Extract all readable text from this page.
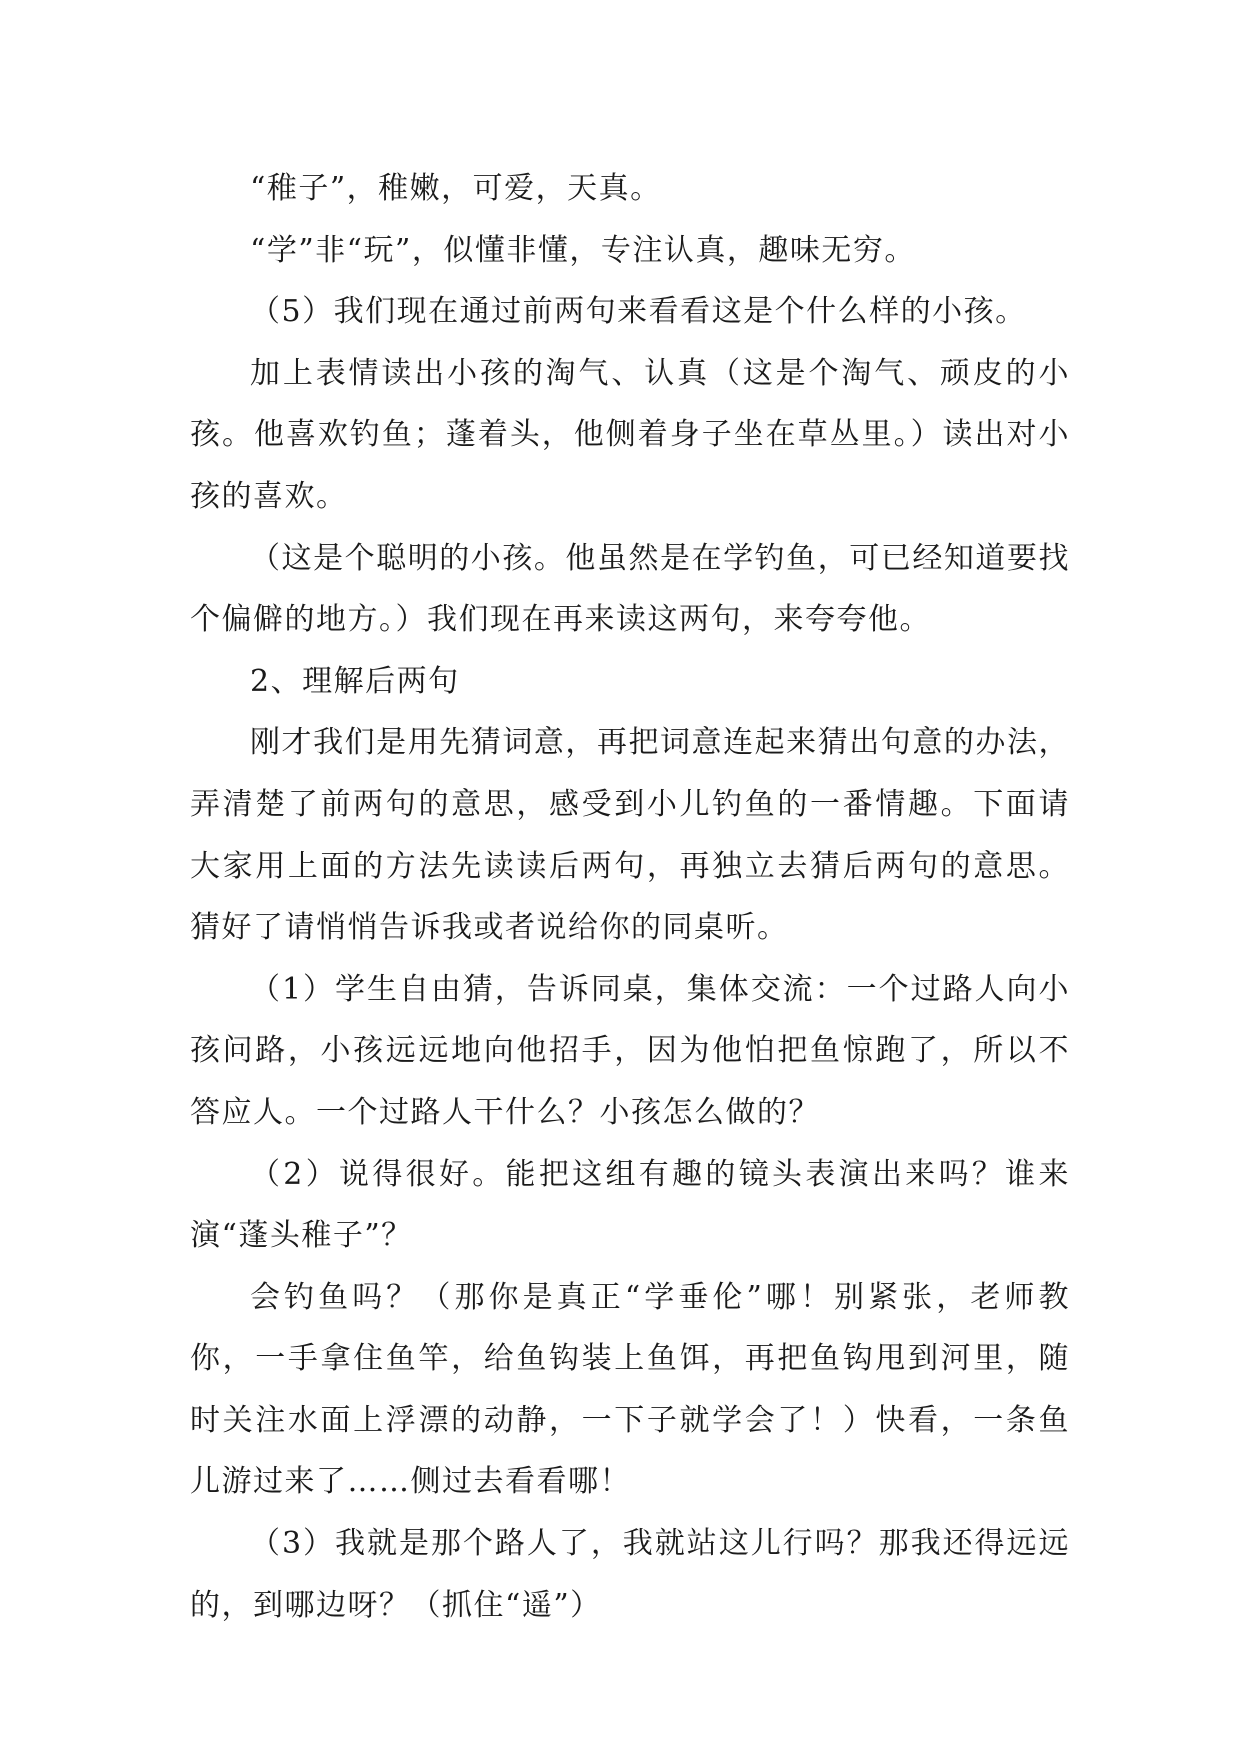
“稚子”，稚嫩，可爱，天真。

“学”非“玩”，似懂非懂，专注认真，趣味无穷。

（5）我们现在通过前两句来看看这是个什么样的小孩。

加上表情读出小孩的淘气、认真（这是个淘气、顽皮的小孩。他喜欢钓鱼；蓬着头，他侧着身子坐在草丛里。）读出对小孩的喜欢。

（这是个聪明的小孩。他虽然是在学钓鱼，可已经知道要找个偏僻的地方。）我们现在再来读这两句，来夸夸他。

2、理解后两句

刚才我们是用先猜词意，再把词意连起来猜出句意的办法，弄清楚了前两句的意思，感受到小儿钓鱼的一番情趣。下面请大家用上面的方法先读读后两句，再独立去猜后两句的意思。猜好了请悄悄告诉我或者说给你的同桌听。

（1）学生自由猜，告诉同桌，集体交流：一个过路人向小孩问路，小孩远远地向他招手，因为他怕把鱼惊跑了，所以不答应人。一个过路人干什么？小孩怎么做的？

（2）说得很好。能把这组有趣的镜头表演出来吗？谁来演“蓬头稚子”？

会钓鱼吗？（那你是真正“学垂伦”哪！别紧张，老师教你，一手拿住鱼竿，给鱼钩装上鱼饵，再把鱼钩甩到河里，随时关注水面上浮漂的动静，一下子就学会了！）快看，一条鱼儿游过来了……侧过去看看哪！

（3）我就是那个路人了，我就站这儿行吗？那我还得远远的，到哪边呀？（抓住“遥”）
